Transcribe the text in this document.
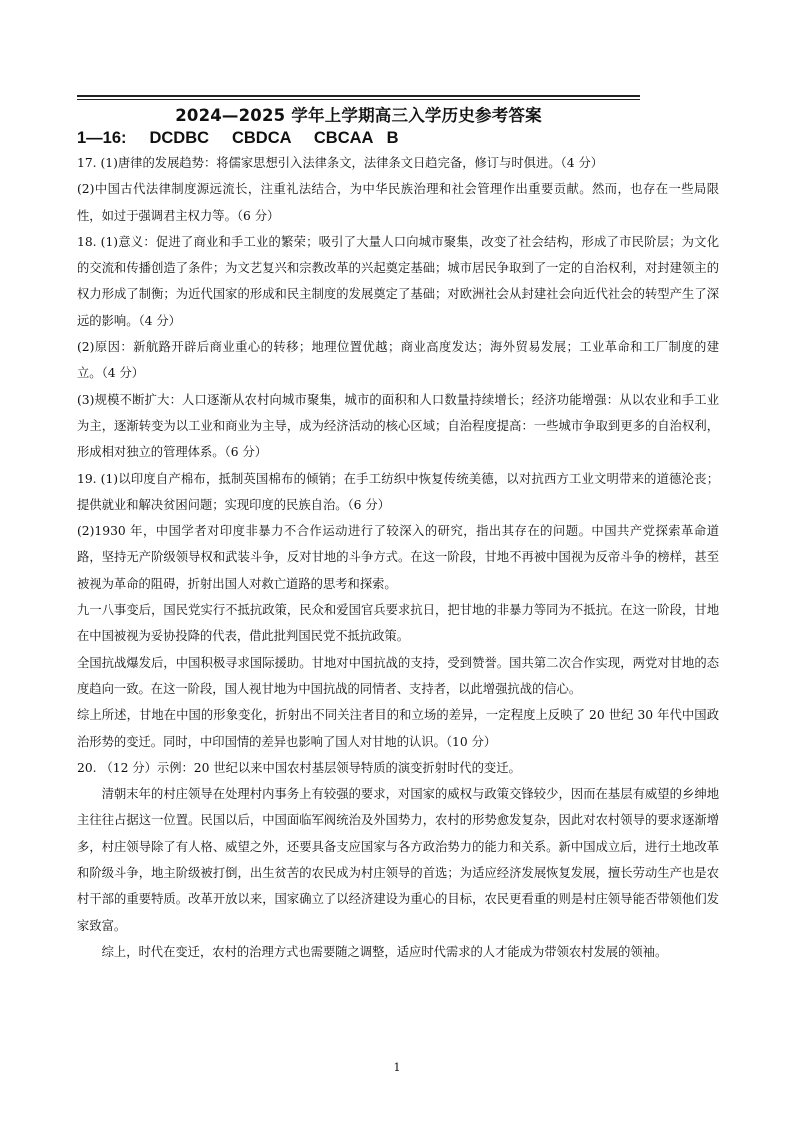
2024—2025 学年上学期高三入学历史参考答案
1—16: DCDBC CBDCA CBCAA B

17. (1)唐律的发展趋势：将儒家思想引入法律条文，法律条文日趋完备，修订与时俱进。（4 分）

(2)中国古代法律制度源远流长，注重礼法结合，为中华民族治理和社会管理作出重要贡献。然而，也存在一些局限性，如过于强调君主权力等。（6 分）

18. (1)意义：促进了商业和手工业的繁荣；吸引了大量人口向城市聚集，改变了社会结构，形成了市民阶层；为文化的交流和传播创造了条件；为文艺复兴和宗教改革的兴起奠定基础；城市居民争取到了一定的自治权利，对封建领主的权力形成了制衡；为近代国家的形成和民主制度的发展奠定了基础；对欧洲社会从封建社会向近代社会的转型产生了深远的影响。（4 分）

(2)原因：新航路开辟后商业重心的转移；地理位置优越；商业高度发达；海外贸易发展；工业革命和工厂制度的建立。（4 分）

(3)规模不断扩大：人口逐渐从农村向城市聚集，城市的面积和人口数量持续增长；经济功能增强：从以农业和手工业为主，逐渐转变为以工业和商业为主导，成为经济活动的核心区域；自治程度提高：一些城市争取到更多的自治权利，形成相对独立的管理体系。（6 分）

19. (1)以印度自产棉布，抵制英国棉布的倾销；在手工纺织中恢复传统美德，以对抗西方工业文明带来的道德沦丧；提供就业和解决贫困问题；实现印度的民族自治。（6 分）

(2)1930 年，中国学者对印度非暴力不合作运动进行了较深入的研究，指出其存在的问题。中国共产党探索革命道路，坚持无产阶级领导权和武装斗争，反对甘地的斗争方式。在这一阶段，甘地不再被中国视为反帝斗争的榜样，甚至被视为革命的阻碍，折射出国人对救亡道路的思考和探索。

九一八事变后，国民党实行不抵抗政策，民众和爱国官兵要求抗日，把甘地的非暴力等同为不抵抗。在这一阶段，甘地在中国被视为妥协投降的代表，借此批判国民党不抵抗政策。

全国抗战爆发后，中国积极寻求国际援助。甘地对中国抗战的支持，受到赞誉。国共第二次合作实现，两党对甘地的态度趋向一致。在这一阶段，国人视甘地为中国抗战的同情者、支持者，以此增强抗战的信心。

综上所述，甘地在中国的形象变化，折射出不同关注者目的和立场的差异，一定程度上反映了 20 世纪 30 年代中国政治形势的变迁。同时，中印国情的差异也影响了国人对甘地的认识。（10 分）

20. （12 分）示例：20 世纪以来中国农村基层领导特质的演变折射时代的变迁。

清朝末年的村庄领导在处理村内事务上有较强的要求，对国家的威权与政策交锋较少，因而在基层有威望的乡绅地主往往占据这一位置。民国以后，中国面临军阀统治及外国势力，农村的形势愈发复杂，因此对农村领导的要求逐渐增多，村庄领导除了有人格、威望之外，还要具备支应国家与各方政治势力的能力和关系。新中国成立后，进行土地改革和阶级斗争，地主阶级被打倒，出生贫苦的农民成为村庄领导的首选；为适应经济发展恢复发展，擅长劳动生产也是农村干部的重要特质。改革开放以来，国家确立了以经济建设为重心的目标，农民更看重的则是村庄领导能否带领他们发家致富。

综上，时代在变迁，农村的治理方式也需要随之调整，适应时代需求的人才能成为带领农村发展的领袖。

1
